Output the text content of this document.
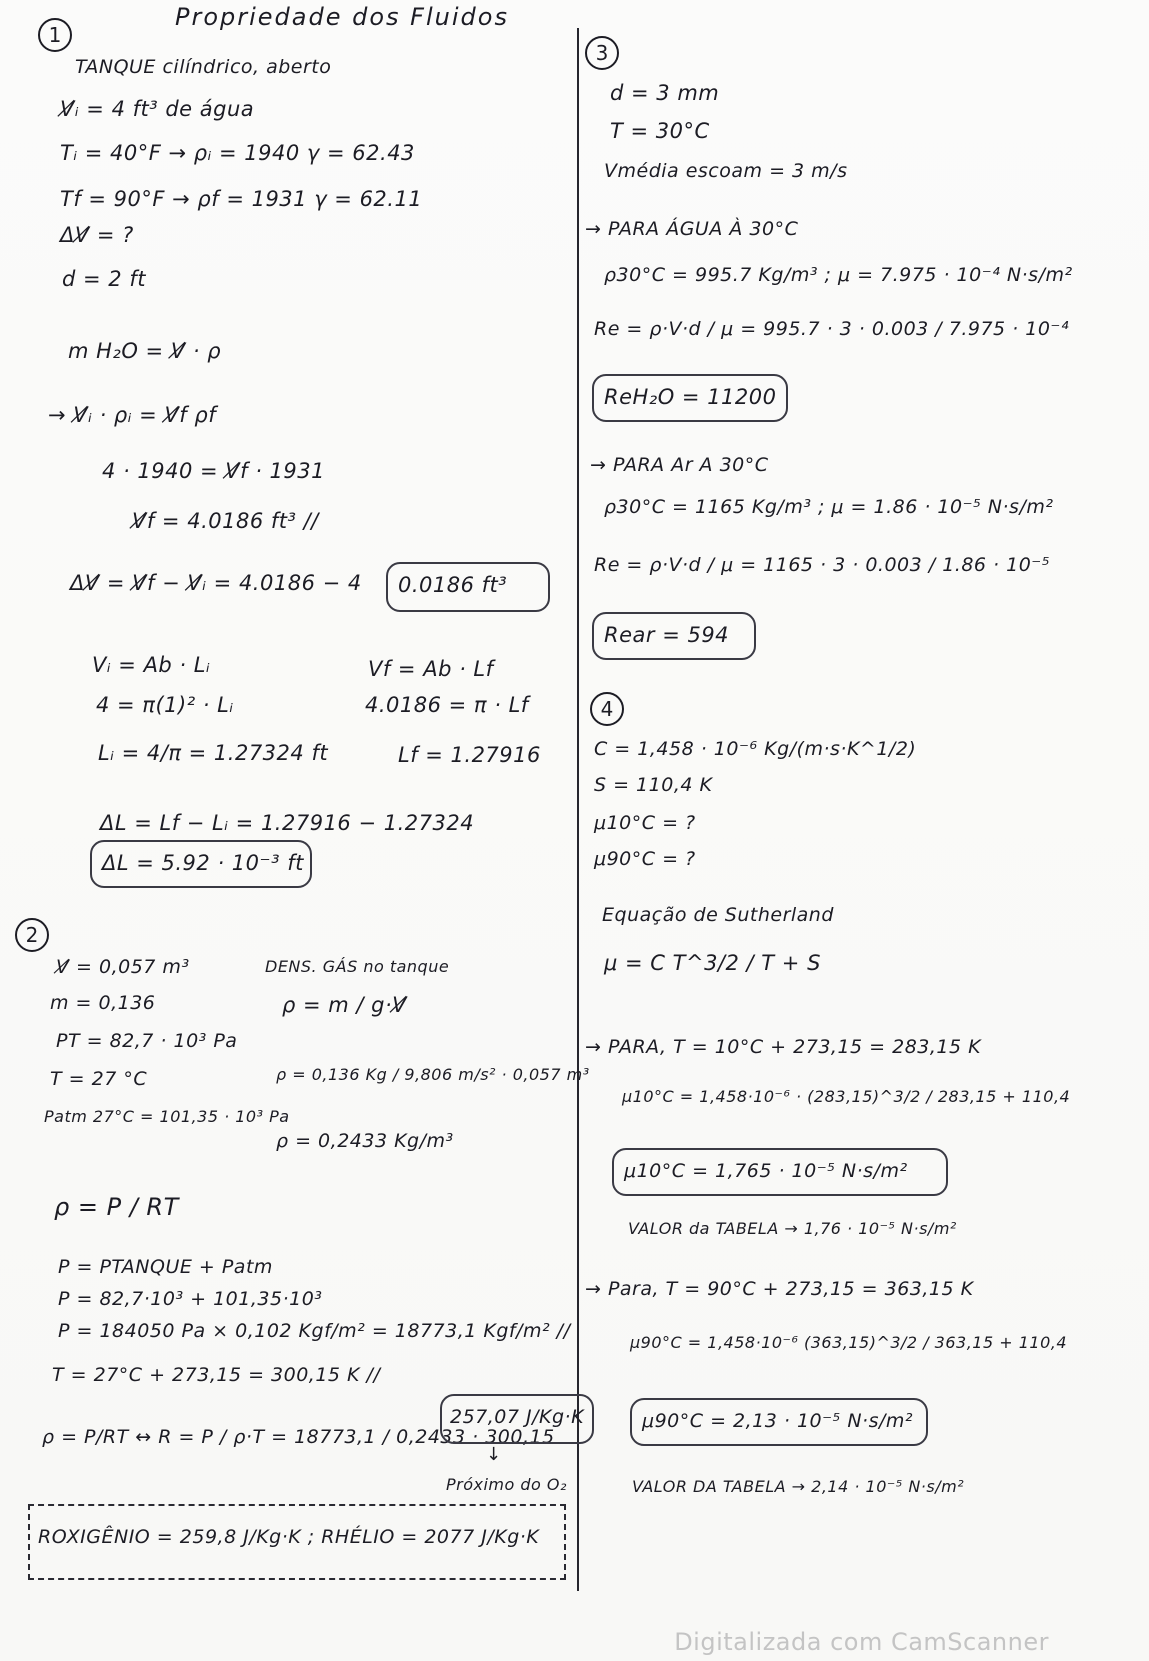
Propriedade dos Fluidos
1
TANQUE cilíndrico, aberto
V̸ᵢ = 4 ft³ de água
Tᵢ = 40°F → ρᵢ = 1940 γ = 62.43
Tf = 90°F → ρf = 1931 γ = 62.11
ΔV̸ = ?
d = 2 ft
m H₂O = V̸ · ρ
→ V̸ᵢ · ρᵢ = V̸f ρf
4 · 1940 = V̸f · 1931
V̸f = 4.0186 ft³ //
ΔV̸ = V̸f − V̸ᵢ = 4.0186 − 4 0.0186 ft³
Vᵢ = Ab · Lᵢ	Vf = Ab · Lf
4 = π(1)² · Lᵢ	4.0186 = π · Lf
Lᵢ = 4/π = 1.27324 ft	Lf = 1.27916
ΔL = Lf − Lᵢ = 1.27916 − 1.27324
ΔL = 5.92 · 10⁻³ ft
2
V̸ = 0,057 m³	DENS. GÁS no tanque
m = 0,136	ρ = m / g·V̸
PT = 82,7 · 10³ Pa
T = 27 °C	ρ = 0,136 Kg / 9,806 m/s² · 0,057 m³
Patm 27°C = 101,35 · 10³ Pa
ρ = 0,2433 Kg/m³
ρ = P / RT
P = PTANQUE + Patm
P = 82,7·10³ + 101,35·10³
P = 184050 Pa × 0,102 Kgf/m² = 18773,1 Kgf/m² //
T = 27°C + 273,15 = 300,15 K //
ρ = P/RT ↔ R = P / ρ·T = 18773,1 / 0,2433 · 300,15
257,07 J/Kg·K
↓
Próximo do O₂
ROXIGÊNIO = 259,8 J/Kg·K ; RHÉLIO = 2077 J/Kg·K
3
d = 3 mm
T = 30°C
Vmédia escoam = 3 m/s
→ PARA ÁGUA À 30°C
ρ30°C = 995.7 Kg/m³ ; μ = 7.975 · 10⁻⁴ N·s/m²
Re = ρ·V·d / μ = 995.7 · 3 · 0.003 / 7.975 · 10⁻⁴
ReH₂O = 11200
→ PARA Ar A 30°C
ρ30°C = 1165 Kg/m³ ; μ = 1.86 · 10⁻⁵ N·s/m²
Re = ρ·V·d / μ = 1165 · 3 · 0.003 / 1.86 · 10⁻⁵
Rear = 594
4
C = 1,458 · 10⁻⁶ Kg/(m·s·K^1/2)
S = 110,4 K
μ10°C = ?
μ90°C = ?
Equação de Sutherland
μ = C T^3/2 / T + S
→ PARA, T = 10°C + 273,15 = 283,15 K
μ10°C = 1,458·10⁻⁶ · (283,15)^3/2 / 283,15 + 110,4
μ10°C = 1,765 · 10⁻⁵ N·s/m²
VALOR da TABELA → 1,76 · 10⁻⁵ N·s/m²
→ Para, T = 90°C + 273,15 = 363,15 K
μ90°C = 1,458·10⁻⁶ (363,15)^3/2 / 363,15 + 110,4
μ90°C = 2,13 · 10⁻⁵ N·s/m²
VALOR DA TABELA → 2,14 · 10⁻⁵ N·s/m²
Digitalizada com CamScanner
